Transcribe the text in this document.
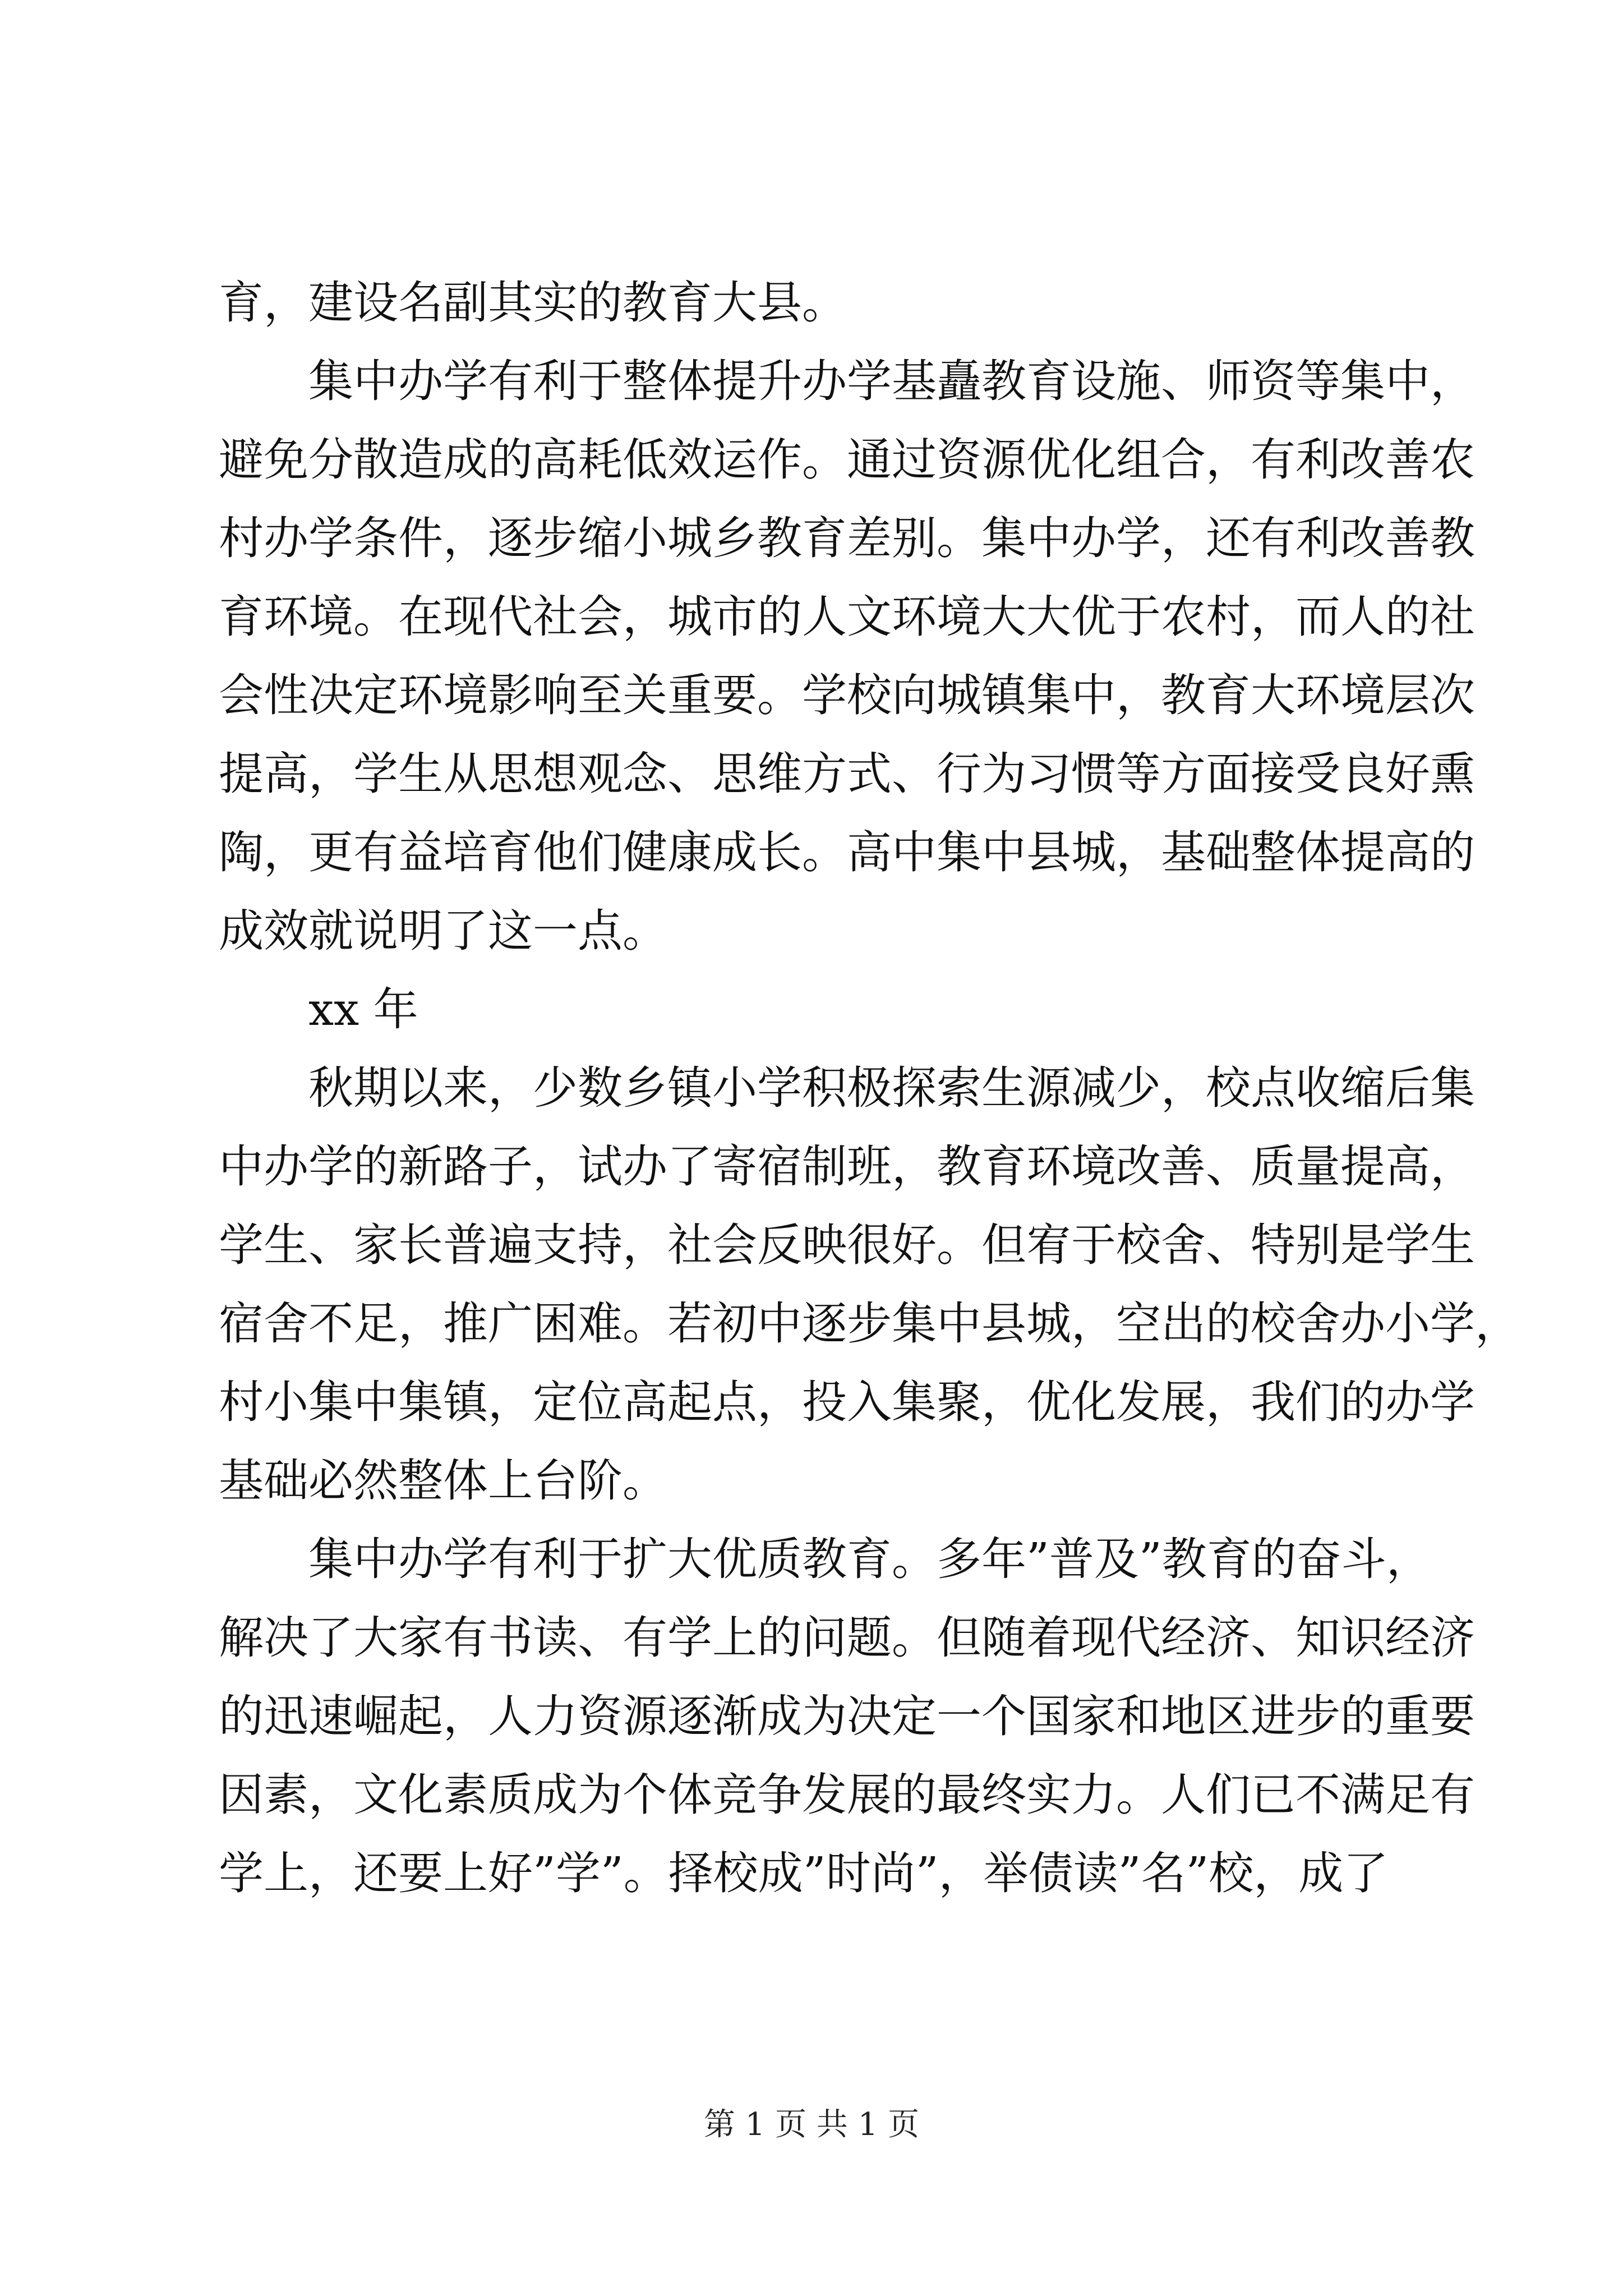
育，建设名副其实的教育大县。
集中办学有利于整体提升办学基矗教育设施、师资等集中，
避免分散造成的高耗低效运作。通过资源优化组合，有利改善农
村办学条件，逐步缩小城乡教育差别。集中办学，还有利改善教
育环境。在现代社会，城市的人文环境大大优于农村，而人的社
会性决定环境影响至关重要。学校向城镇集中，教育大环境层次
提高，学生从思想观念、思维方式、行为习惯等方面接受良好熏
陶，更有益培育他们健康成长。高中集中县城，基础整体提高的
成效就说明了这一点。
xx 年
秋期以来，少数乡镇小学积极探索生源减少，校点收缩后集
中办学的新路子，试办了寄宿制班，教育环境改善、质量提高，
学生、家长普遍支持，社会反映很好。但宥于校舍、特别是学生
宿舍不足，推广困难。若初中逐步集中县城，空出的校舍办小学，
村小集中集镇，定位高起点，投入集聚，优化发展，我们的办学
基础必然整体上台阶。
集中办学有利于扩大优质教育。多年”普及”教育的奋斗，
解决了大家有书读、有学上的问题。但随着现代经济、知识经济
的迅速崛起，人力资源逐渐成为决定一个国家和地区进步的重要
因素，文化素质成为个体竞争发展的最终实力。人们已不满足有
学上，还要上好”学”。择校成”时尚”，举债读”名”校，成了
第 1 页 共 1 页
